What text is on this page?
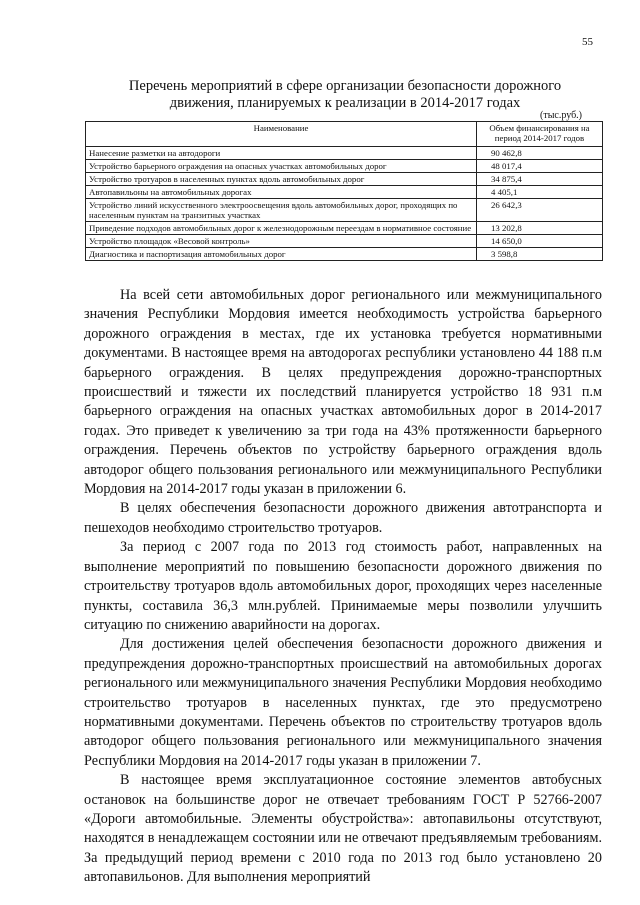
55
Перечень мероприятий в сфере организации безопасности дорожного движения, планируемых к реализации в 2014-2017 годах
(тыс.руб.)
Наименование	Объем финансирования на период 2014-2017 годов
Нанесение разметки на автодороги	90 462,8
Устройство барьерного ограждения на опасных участках автомобильных дорог	48 017,4
Устройство тротуаров в населенных пунктах вдоль автомобильных дорог	34 875,4
Автопавильоны на автомобильных дорогах	4 405,1
Устройство линий искусственного электроосвещения вдоль автомобильных дорог, проходящих по населенным пунктам на транзитных участках	26 642,3
Приведение подходов автомобильных дорог к железнодорожным переездам в нормативное состояние	13 202,8
Устройство площадок «Весовой контроль»	14 650,0
Диагностика и паспортизация автомобильных дорог	3 598,8

На всей сети автомобильных дорог регионального или межмуниципального значения Республики Мордовия имеется необходимость устройства барьерного дорожного ограждения в местах, где их установка требуется нормативными документами. В настоящее время на автодорогах республики установлено 44 188 п.м барьерного ограждения. В целях предупреждения дорожно-транспортных происшествий и тяжести их последствий планируется устройство 18 931 п.м барьерного ограждения на опасных участках автомобильных дорог в 2014-2017 годах. Это приведет к увеличению за три года на 43% протяженности барьерного ограждения. Перечень объектов по устройству барьерного ограждения вдоль автодорог общего пользования регионального или межмуниципального Республики Мордовия на 2014-2017 годы указан в приложении 6.

В целях обеспечения безопасности дорожного движения автотранспорта и пешеходов необходимо строительство тротуаров.

За период с 2007 года по 2013 год стоимость работ, направленных на выполнение мероприятий по повышению безопасности дорожного движения по строительству тротуаров вдоль автомобильных дорог, проходящих через населенные пункты, составила 36,3 млн.рублей. Принимаемые меры позволили улучшить ситуацию по снижению аварийности на дорогах.

Для достижения целей обеспечения безопасности дорожного движения и предупреждения дорожно-транспортных происшествий на автомобильных дорогах регионального или межмуниципального значения Республики Мордовия необходимо строительство тротуаров в населенных пунктах, где это предусмотрено нормативными документами. Перечень объектов по строительству тротуаров вдоль автодорог общего пользования регионального или межмуниципального значения Республики Мордовия на 2014-2017 годы указан в приложении 7.

В настоящее время эксплуатационное состояние элементов автобусных остановок на большинстве дорог не отвечает требованиям ГОСТ Р 52766-2007 «Дороги автомобильные. Элементы обустройства»: автопавильоны отсутствуют, находятся в ненадлежащем состоянии или не отвечают предъявляемым требованиям. За предыдущий период времени с 2010 года по 2013 год было установлено 20 автопавильонов. Для выполнения мероприятий
